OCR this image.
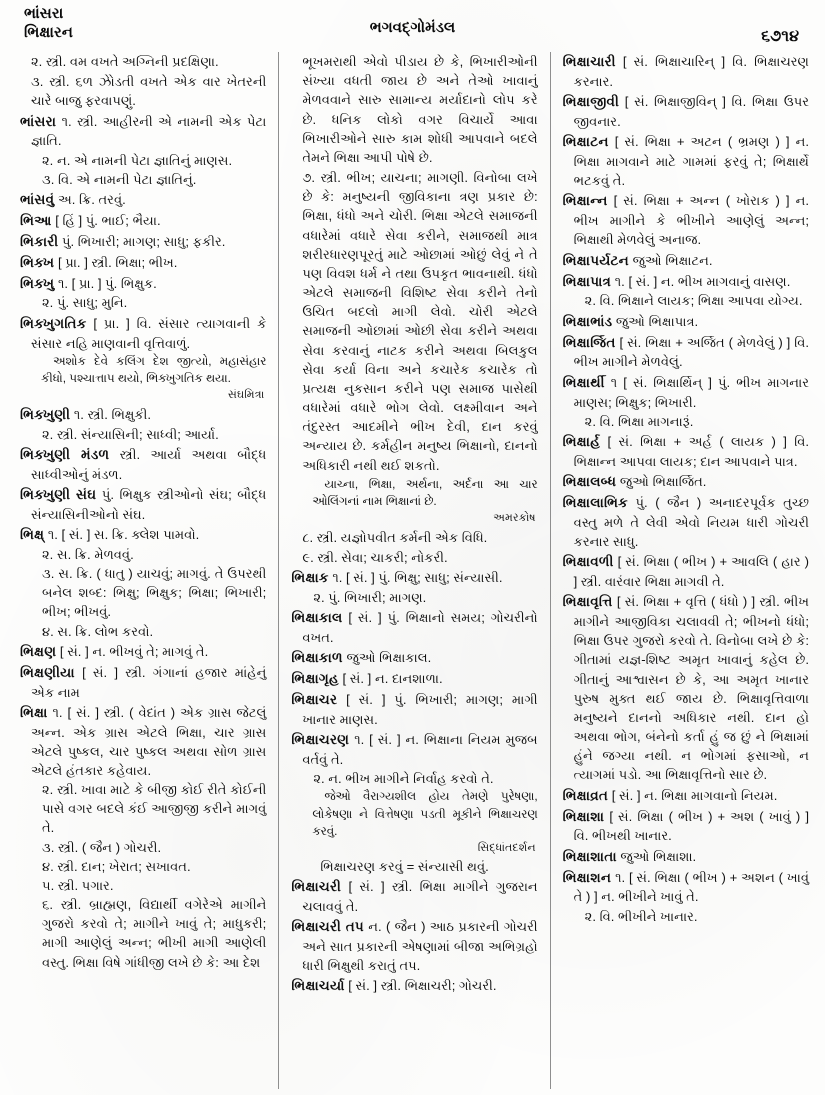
ભાંસરા
ભિક્ષારન	ભગવદ્ગોમંડલ
૬૭૧૪
૨. સ્ત્રી. વમ વખતે અગ્નિની પ્રદક્ષિણા.
૩. સ્ત્રી. ૬ળ ઝેોડતી વખતે એક વાર ખેતરની ચારે બાજુ ફરવાપણું.
ભાંસરા ૧. સ્ત્રી. આહીરની એ નામની એક પેટા જ્ઞાતિ.
૨. ન. એ નામની પેટા જ્ઞાતિનું માણસ.
૩. વિ. એ નામની પેટા જ્ઞાતિનું.
ભાંસવું અ. ક્રિ. તરવું.
ભિઆ [ હિં ] પું. ભાઈ; ભૈયા.
ભિકારી પું. ભિખારી; માગણ; સાધુ; ફકીર.
ભિક્ખ [ પ્રા. ] સ્ત્રી. ભિક્ષા; ભીખ.
ભિક્ખુ ૧. [ પ્રા. ] પું. ભિક્ષુક.
૨. પું. સાધુ; મુનિ.
ભિક્ખુગતિક [ પ્રા. ] વિ. સંસાર ત્યાગવાની કે સંસાર નહિ માણવાની વૃત્તિવાળું.
અશોક દેવે કલિંગ દેશ જીત્યો, મહાસંહાર કીધો, પશ્ચાત્તાપ થયો, ભિક્ખુગતિક થયા.
સંઘમિત્રા
ભિક્ખુણી ૧. સ્ત્રી. ભિક્ષુકી.
૨. સ્ત્રી. સંન્યાસિની; સાધ્વી; આર્યા.
ભિક્ખુણી મંડળ સ્ત્રી. આર્યા અથવા બૌદ્ધ સાધ્વીઓનું મંડળ.
ભિક્ખુણી સંઘ પું. ભિક્ષુક સ્ત્રીઓનો સંઘ; બૌદ્ધ સંન્યાસિનીઓનો સંઘ.
ભિક્ષ્ ૧. [ સં. ] સ. ક્રિ. ક્લેશ પામવો.
૨. સ. ક્રિ. મેળવવું.
૩. સ. ક્રિ. ( ધાતુ ) યાચવું; માગવું. તે ઉપરથી બનેલ શબ્દ: ભિક્ષુ; ભિક્ષુક; ભિક્ષા; ભિખારી; ભીખ; ભીખવું.
૪. સ. ક્રિ. લોભ કરવો.
ભિક્ષણ [ સં. ] ન. ભીખવું તે; માગવું તે.
ભિક્ષણીયા [ સં. ] સ્ત્રી. ગંગાનાં હજાર માંહેનું એક નામ
ભિક્ષા ૧. [ સં. ] સ્ત્રી. ( વેદાંત ) એક ગ્રાસ જેટલું અન્ન. એક ગ્રાસ એટલે ભિક્ષા, ચાર ગ્રાસ એટલે પુષ્કલ, ચાર પુષ્કલ અથવા સોળ ગ્રાસ એટલે હંતકાર કહેવાય.
૨. સ્ત્રી. ખાવા માટે કે બીજી કોઈ રીતે કોઈની પાસે વગર બદલે કંઈ આજીજી કરીને માગવું તે.
૩. સ્ત્રી. ( જૈન ) ગોચરી.
૪. સ્ત્રી. દાન; ખેરાત; સખાવત.
૫. સ્ત્રી. પગાર.
૬. સ્ત્રી. બ્રાહ્મણ, વિદ્યાર્થી વગેરેએ માગીને ગુજરો કરવો તે; માગીને ખાવું તે; માધુકરી; માગી આણેલું અન્ન; ભીખી માગી આણેલી વસ્તુ. ભિક્ષા વિષે ગાંધીજી લખે છે કે: આ દેશ
ભૂખમરાથી એવો પીડાય છે કે, ભિખારીઓની સંખ્યા વધતી જાય છે અને તેઓ ખાવાનું મેળવવાને સારુ સામાન્ય મર્યાદાનો લોપ કરે છે. ધનિક લોકો વગર વિચાર્યે આવા ભિખારીઓને સારુ કામ શોધી આપવાને બદલે તેમને ભિક્ષા આપી પોષે છે.
૭. સ્ત્રી. ભીખ; યાચના; માગણી. વિનોબા લખે છે કે: મનુષ્યની જીવિકાના ત્રણ પ્રકાર છે: ભિક્ષા, ધંધો અને ચોરી. ભિક્ષા એટલે સમાજની વધારેમાં વધારે સેવા કરીને, સમાજથી માત્ર શરીરધારણપૂરતું માટે ઓછામાં ઓછું લેવું ને તે પણ વિવશ ધર્મ ને તથા ઉપકૃત ભાવનાથી. ધંધો એટલે સમાજની વિશિષ્ટ સેવા કરીને તેનો ઉચિત બદલો માગી લેવો. ચોરી એટલે સમાજની ઓછામાં ઓછી સેવા કરીને અથવા સેવા કરવાનું નાટક કરીને અથવા બિલકુલ સેવા કર્યા વિના અને કચારેક કચારેક તો પ્રત્યક્ષ નુકસાન કરીને પણ સમાજ પાસેથી વધારેમાં વધારે ભોગ લેવો. લક્ષ્મીવાન અને તંદુરસ્ત આદમીને ભીખ દેવી, દાન કરવું અન્યાય છે. કર્મહીન મનુષ્ય ભિક્ષાનો, દાનનો અધિકારી નથી થઈ શકતો.
યાચ્ના, ભિક્ષા, અર્થના, અર્દના આ ચાર ઓલિંગનાં નામ ભિક્ષાનાં છે.
અમરકોષ
૮. સ્ત્રી. યજ્ઞોપવીત કર્મની એક વિધિ.
૯. સ્ત્રી. સેવા; ચાકરી; નોકરી.
ભિક્ષાક ૧. [ સં. ] પું. ભિક્ષુ; સાધુ; સંન્યાસી.
૨. પું. ભિખારી; માગણ.
ભિક્ષાકાલ [ સં. ] પું. ભિક્ષાનો સમય; ગોચરીનો વખત.
ભિક્ષાકાળ જુઓ ભિક્ષાકાલ.
ભિક્ષાગૃહ [ સં. ] ન. દાનશાળા.
ભિક્ષાચર [ સં. ] પું. ભિખારી; માગણ; માગી ખાનાર માણસ.
ભિક્ષાચરણ ૧. [ સં. ] ન. ભિક્ષાના નિયમ મુજબ વર્તવું તે.
૨. ન. ભીખ માગીને નિર્વાહ કરવો તે.
જેઓ વૈરાગ્યશીલ હોય તેમણે પુરેષણા, લોકેષણા ને વિત્તેષણા પડતી મૂકીને ભિક્ષાચરણ કરવું.
સિદ્ધાંતદર્શન
ભિક્ષાચરણ કરવું = સંન્યાસી થવું.
ભિક્ષાચરી [ સં. ] સ્ત્રી. ભિક્ષા માગીને ગુજરાન ચલાવવું તે.
ભિક્ષાચરી તપ ન. ( જૈન ) આઠ પ્રકારની ગોચરી અને સાત પ્રકારની એષણામાં બીજા અભિગ્રહો ધારી ભિક્ષુથી કરાતું તપ.
ભિક્ષાચર્યા [ સં. ] સ્ત્રી. ભિક્ષાચરી; ગોચરી.
ભિક્ષાચારી [ સં. ભિક્ષાચારિન્ ] વિ. ભિક્ષાચરણ કરનાર.
ભિક્ષાજીવી [ સં. ભિક્ષાજીવિન્ ] વિ. ભિક્ષા ઉપર જીવનાર.
ભિક્ષાટન [ સં. ભિક્ષા + અટન ( ભ્રમણ ) ] ન. ભિક્ષા માગવાને માટે ગામમાં ફરવું તે; ભિક્ષાર્થે ભટકવું તે.
ભિક્ષાન્ન [ સં. ભિક્ષા + અન્ન ( ખોરાક ) ] ન. ભીખ માગીને કે ભીખીને આણેલું અન્ન; ભિક્ષાથી મેળવેલું અનાજ.
ભિક્ષાપર્યટન જુઓ ભિક્ષાટન.
ભિક્ષાપાત્ર ૧. [ સં. ] ન. ભીખ માગવાનું વાસણ.
૨. વિ. ભિક્ષાને લાયક; ભિક્ષા આપવા યોગ્ય.
ભિક્ષાભાંડ જુઓ ભિક્ષાપાત્ર.
ભિક્ષાર્જિત [ સં. ભિક્ષા + અર્જિત ( મેળવેલું ) ] વિ. ભીખ માગીને મેળવેલું.
ભિક્ષાર્થી ૧ [ સં. ભિક્ષાર્થિન્ ] પું. ભીખ માગનાર માણસ; ભિક્ષુક; ભિખારી.
૨. વિ. ભિક્ષા માગનારૂં.
ભિક્ષાર્હ [ સં. ભિક્ષા + અર્હ ( લાયક ) ] વિ. ભિક્ષાન્ન આપવા લાયક; દાન આપવાને પાત્ર.
ભિક્ષાલબ્ધ જુઓ ભિક્ષાર્જિત.
ભિક્ષાલાભિક પું. ( જૈન ) અનાદરપૂર્વક તુચ્છ વસ્તુ મળે તે લેવી એવો નિયમ ધારી ગોચરી કરનાર સાધુ.
ભિક્ષાવળી [ સં. ભિક્ષા ( ભીખ ) + આવલિ ( હાર ) ] સ્ત્રી. વારંવાર ભિક્ષા માગવી તે.
ભિક્ષાવૃત્તિ [ સં. ભિક્ષા + વૃત્તિ ( ધંધો ) ] સ્ત્રી. ભીખ માગીને આજીવિકા ચલાવવી તે; ભીખનો ધંધો; ભિક્ષા ઉપર ગુજરો કરવો તે. વિનોબા લખે છે કે: ગીતામાં યજ્ઞ-શિષ્ટ અમૃત ખાવાનું કહેલ છે. ગીતાનું આશ્વાસન છે કે, આ અમૃત ખાનાર પુરુષ મુક્ત થઈ જાય છે. ભિક્ષાવૃત્તિવાળા મનુષ્યને દાનનો અધિકાર નથી. દાન હો અથવા ભોગ, બંનેનો કર્તા હું જ છું ને ભિક્ષામાં હુંને જગ્યા નથી. ન ભોગમાં ફસાઓ, ન ત્યાગમાં પડો. આ ભિક્ષાવૃત્તિનો સાર છે.
ભિક્ષાવ્રત [ સં. ] ન. ભિક્ષા માગવાનો નિયમ.
ભિક્ષાશા [ સં. ભિક્ષા ( ભીખ ) + અશ ( ખાવું ) ] વિ. ભીખથી ખાનાર.
ભિક્ષાશાતા જુઓ ભિક્ષાશા.
ભિક્ષાશન ૧. [ સં. ભિક્ષા ( ભીખ ) + અશન ( ખાવું તે ) ] ન. ભીખીને ખાવું તે.
૨. વિ. ભીખીને ખાનાર.
